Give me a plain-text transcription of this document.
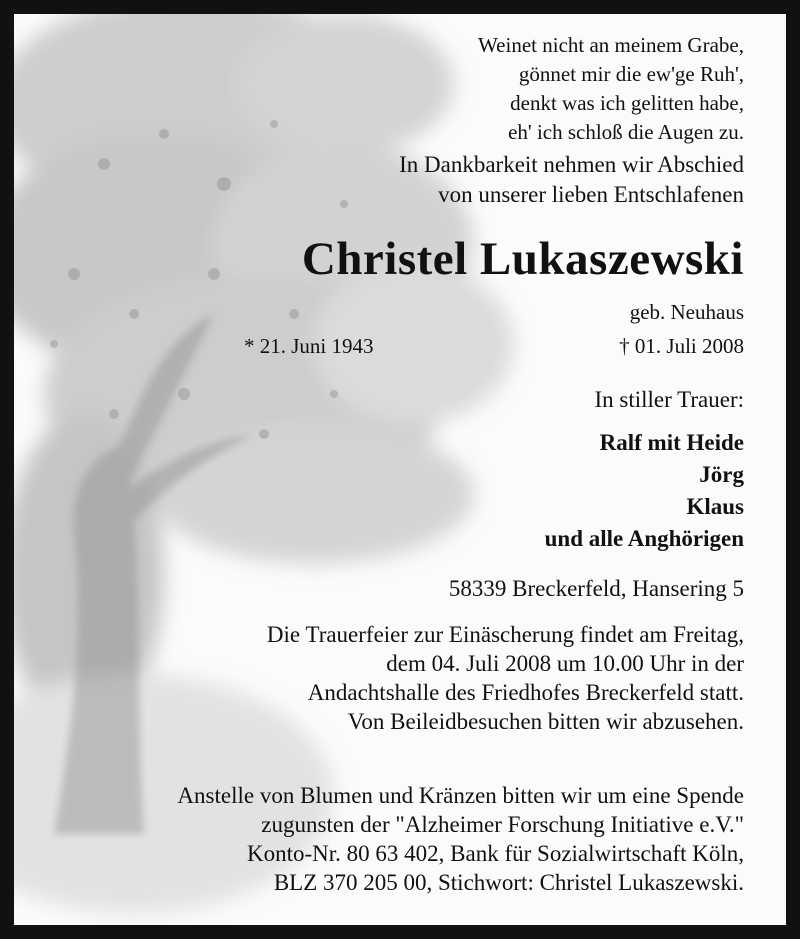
Weinet nicht an meinem Grabe,
gönnet mir die ew'ge Ruh',
denkt was ich gelitten habe,
eh' ich schloß die Augen zu.
In Dankbarkeit nehmen wir Abschied
von unserer lieben Entschlafenen
Christel Lukaszewski
geb. Neuhaus
* 21. Juni 1943	† 01. Juli 2008
In stiller Trauer:
Ralf mit Heide
Jörg
Klaus
und alle Anghörigen
58339 Breckerfeld, Hansering 5
Die Trauerfeier zur Einäscherung findet am Freitag,
dem 04. Juli 2008 um 10.00 Uhr in der
Andachtshalle des Friedhofes Breckerfeld statt.
Von Beileidbesuchen bitten wir abzusehen.
Anstelle von Blumen und Kränzen bitten wir um eine Spende
zugunsten der "Alzheimer Forschung Initiative e.V."
Konto-Nr. 80 63 402, Bank für Sozialwirtschaft Köln,
BLZ 370 205 00, Stichwort: Christel Lukaszewski.
